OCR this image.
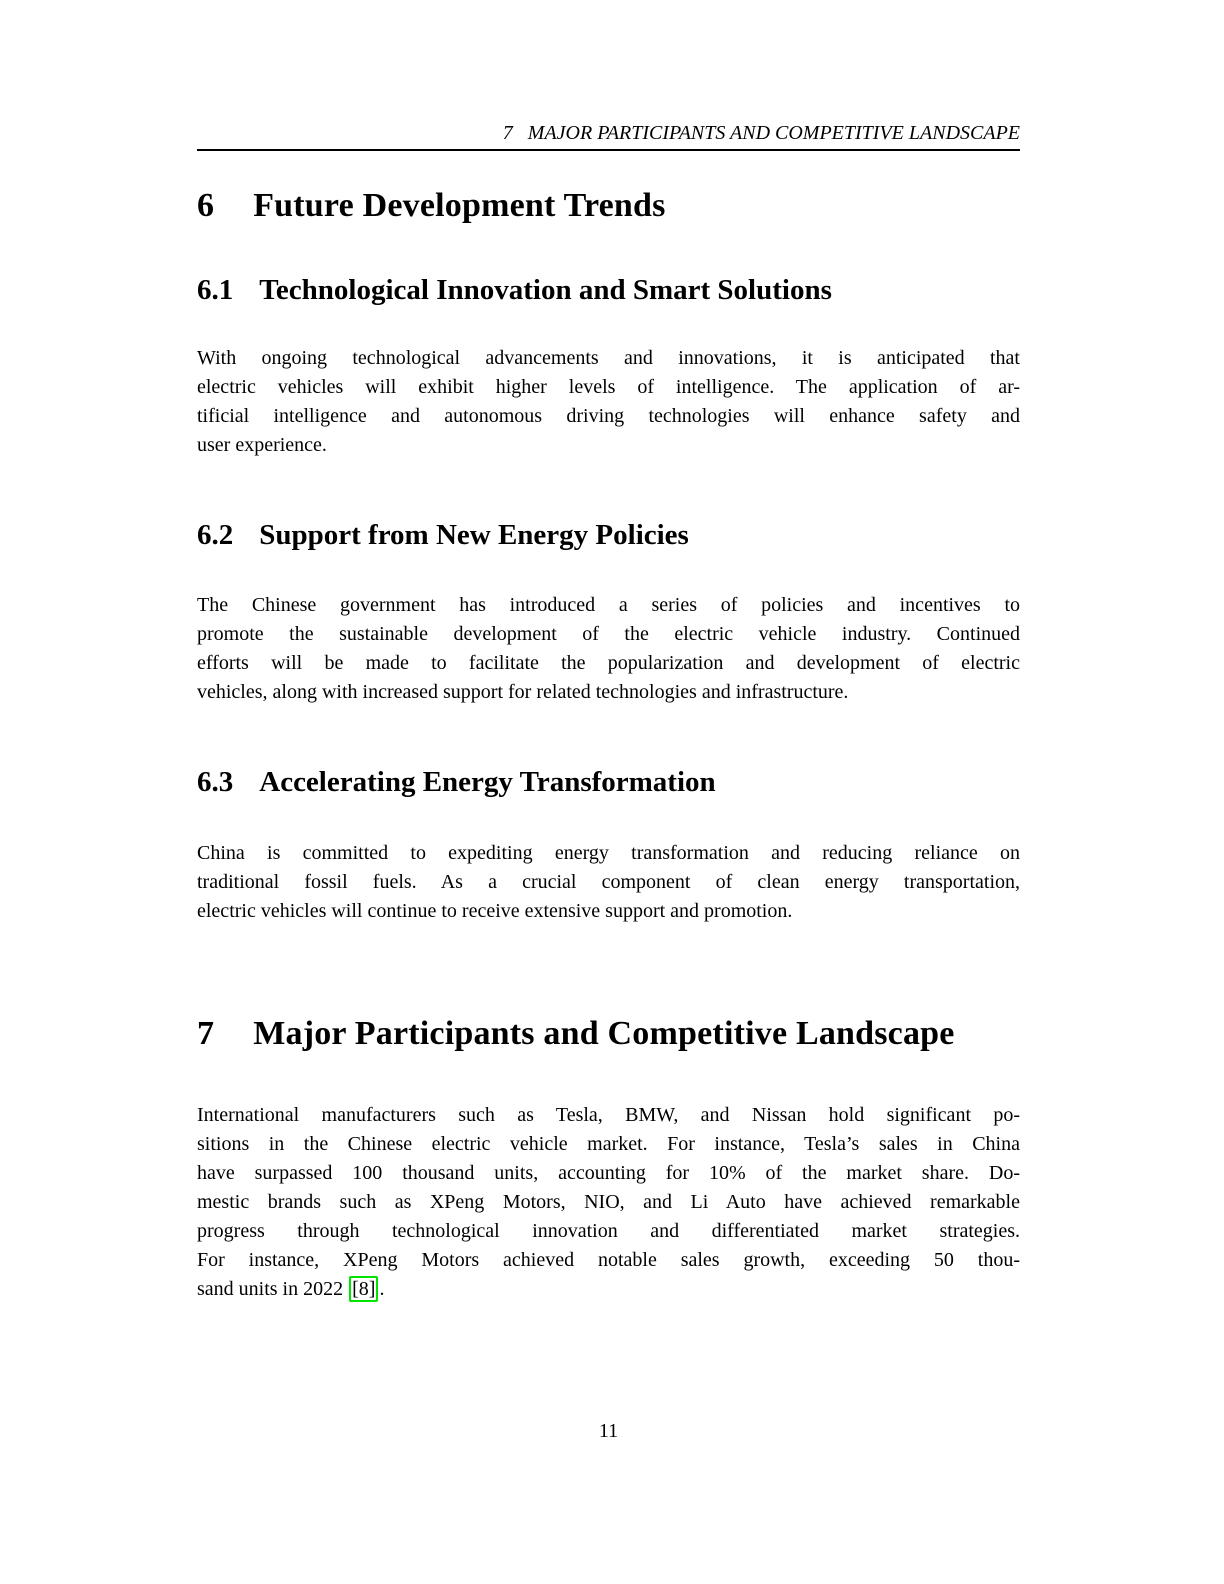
7 MAJOR PARTICIPANTS AND COMPETITIVE LANDSCAPE
6 Future Development Trends
6.1 Technological Innovation and Smart Solutions
With ongoing technological advancements and innovations, it is anticipated that
electric vehicles will exhibit higher levels of intelligence. The application of ar-
tificial intelligence and autonomous driving technologies will enhance safety and
user experience.
6.2 Support from New Energy Policies
The Chinese government has introduced a series of policies and incentives to
promote the sustainable development of the electric vehicle industry. Continued
efforts will be made to facilitate the popularization and development of electric
vehicles, along with increased support for related technologies and infrastructure.
6.3 Accelerating Energy Transformation
China is committed to expediting energy transformation and reducing reliance on
traditional fossil fuels. As a crucial component of clean energy transportation,
electric vehicles will continue to receive extensive support and promotion.
7 Major Participants and Competitive Landscape
International manufacturers such as Tesla, BMW, and Nissan hold significant po-
sitions in the Chinese electric vehicle market. For instance, Tesla’s sales in China
have surpassed 100 thousand units, accounting for 10% of the market share. Do-
mestic brands such as XPeng Motors, NIO, and Li Auto have achieved remarkable
progress through technological innovation and differentiated market strategies.
For instance, XPeng Motors achieved notable sales growth, exceeding 50 thou-
sand units in 2022 [8] .
11
